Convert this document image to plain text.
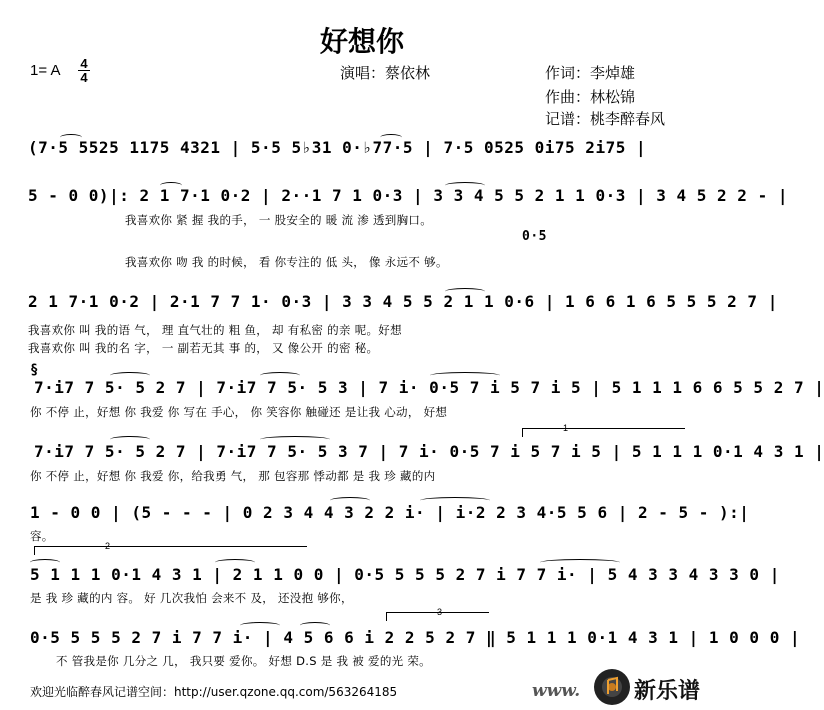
好想你
1= A 4
4	演唱：蔡依林	作词：李焯雄
作曲：林松锦
记谱：桃李醉春风
(7·5 5525 1175 4321 | 5·5 5♭31 0·♭77·5 | 7·5 0525 0i75 2i75 |
5 - 0 0)|: 2 1 7·1 0·2 | 2··1 7 1 0·3 | 3 3 4 5 5 2 1 1 0·3 | 3 4 5 2 2 - |
我喜欢你 紧 握 我的手， 一 股安全的 暖 流 渗 透到胸口。
0·5
我喜欢你 吻 我 的时候， 看 你专注的 低 头， 像 永远不 够。
2 1 7·1 0·2 | 2·1 7 7 1· 0·3 | 3 3 4 5 5 2 1 1 0·6 | 1 6 6 1 6 5 5 5 2 7 |
我喜欢你 叫 我的语 气， 理 直气壮的 粗 鱼， 却 有私密 的亲 呢。好想
我喜欢你 叫 我的名 字， 一 副若无其 事 的， 又 像公开 的密 秘。
7·i7 7 5· 5 2 7 | 7·i7 7 5· 5 3 | 7 i· 0·5 7 i 5 7 i 5 | 5 1 1 1 6 6 5 5 2 7 |
§
你 不停 止，好想 你 我爱 你 写在 手心， 你 笑容你 触碰还 是让我 心动， 好想
7·i7 7 5· 5 2 7 | 7·i7 7 5· 5 3 7 | 7 i· 0·5 7 i 5 7 i 5 | 5 1 1 1 0·1 4 3 1 |
1
你 不停 止，好想 你 我爱 你，给我勇 气， 那 包容那 悸动都 是 我 珍 藏的内
1 - 0 0 | (5 - - - | 0 2 3 4 4 3 2 2 i· | i·2 2 3 4·5 5 6 | 2 - 5 - ):|
容。
2
5 1 1 1 0·1 4 3 1 | 2 1 1 0 0 | 0·5 5 5 5 2 7 i 7 7 i· | 5 4 3 3 4 3 3 0 |
是 我 珍 藏的内 容。 好 几次我怕 会来不 及， 还没抱 够你，
3
0·5 5 5 5 2 7 i 7 7 i· | 4 5 6 6 i 2 2 5 2 7 ‖ 5 1 1 1 0·1 4 3 1 | 1 0 0 0 |
不 管我是你 几分之 几， 我只要 爱你。 好想 D.S 是 我 被 爱的光 荣。
欢迎光临醉春风记谱空间：http://user.qzone.qq.com/563264185	www. 新乐谱
